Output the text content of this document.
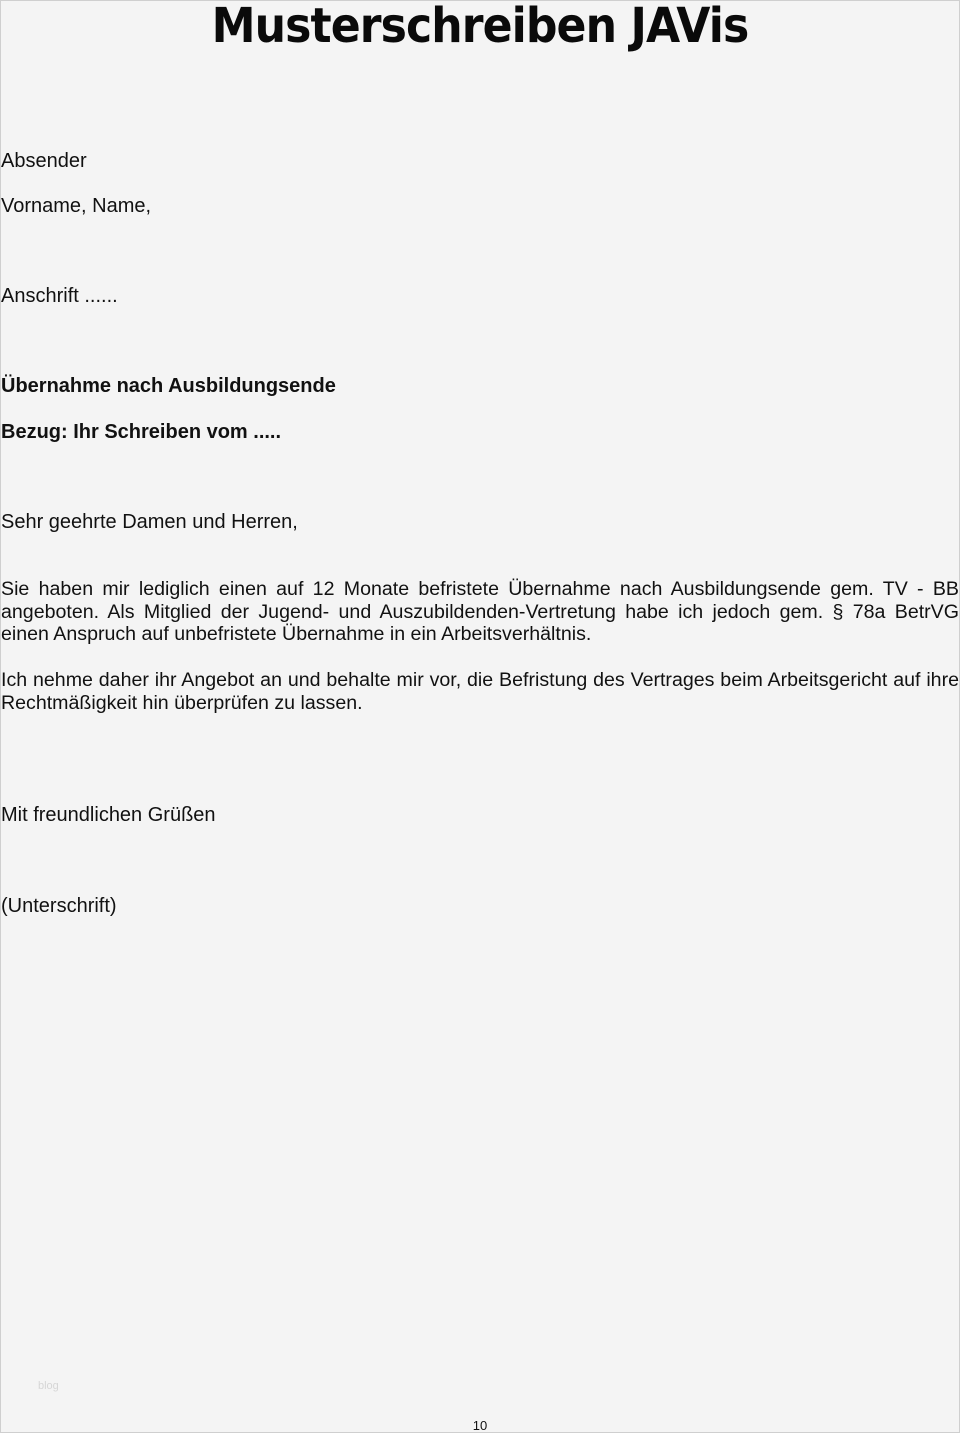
Musterschreiben JAVis
Absender
Vorname, Name,
Anschrift ......
Übernahme nach Ausbildungsende
Bezug: Ihr Schreiben vom .....
Sehr geehrte Damen und Herren,
Sie haben mir lediglich einen auf 12 Monate befristete Übernahme nach Ausbildungsende gem. TV - BB angeboten. Als Mitglied der Jugend- und Auszubildenden-Vertretung habe ich jedoch gem. § 78a BetrVG einen Anspruch auf unbefristete Übernahme in ein Arbeitsverhältnis.
Ich nehme daher ihr Angebot an und behalte mir vor, die Befristung des Vertrages beim Arbeitsgericht auf ihre Rechtmäßigkeit hin überprüfen zu lassen.
Mit freundlichen Grüßen
(Unterschrift)
blog
10
